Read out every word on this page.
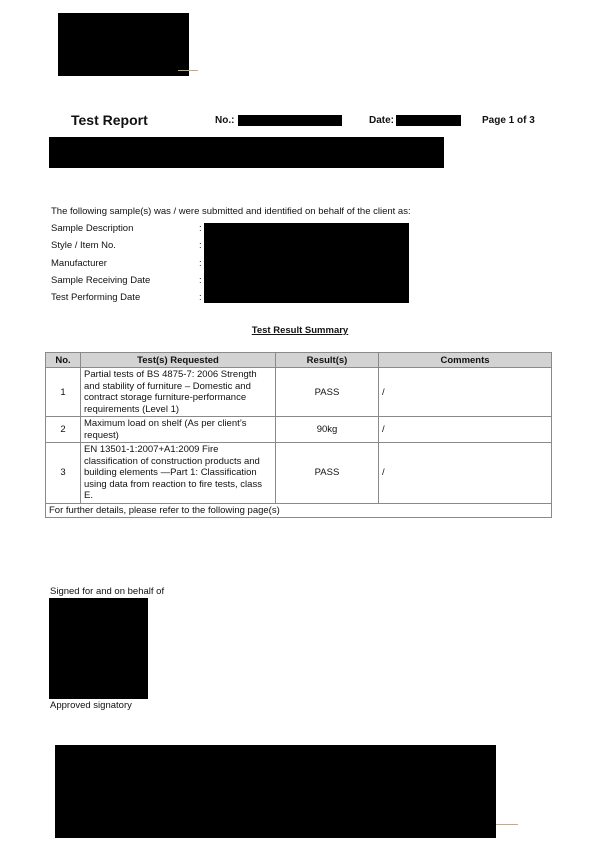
Test Report	No.:	Date:	Page 1 of 3
The following sample(s) was / were submitted and identified on behalf of the client as:
Sample Description	:
Style / Item No.	:
Manufacturer	:
Sample Receiving Date	:
Test Performing Date	:
Test Result Summary
No.	Test(s) Requested	Result(s)	Comments
1	Partial tests of BS 4875-7: 2006 Strength and stability of furniture – Domestic and contract storage furniture-performance requirements (Level 1)	PASS	/
2	Maximum load on shelf (As per client’s request)	90kg	/
3	EN 13501-1:2007+A1:2009 Fire classification of construction products and building elements —Part 1: Classification using data from reaction to fire tests, class E.	PASS	/
For further details, please refer to the following page(s)			
Signed for and on behalf of
Approved signatory
